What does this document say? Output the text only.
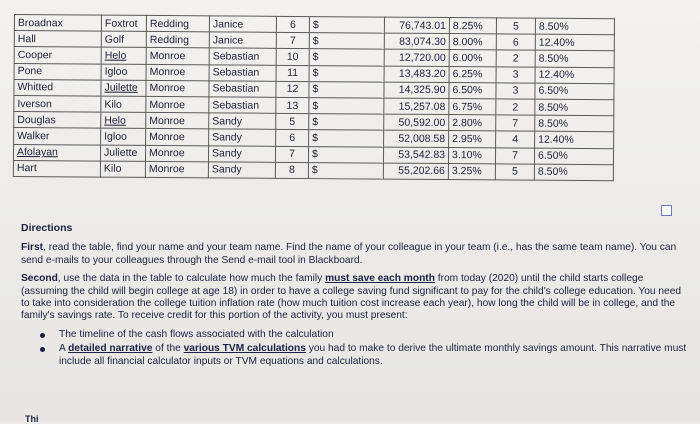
Broadnax	Foxtrot	Redding	Janice	6	$	76,743.01	8.25%	5	8.50%
Hall	Golf	Redding	Janice	7	$	83,074.30	8.00%	6	12.40%
Cooper	Helo	Monroe	Sebastian	10	$	12,720.00	6.00%	2	8.50%
Pone	Igloo	Monroe	Sebastian	11	$	13,483.20	6.25%	3	12.40%
Whitted	Juilette	Monroe	Sebastian	12	$	14,325.90	6.50%	3	6.50%
Iverson	Kilo	Monroe	Sebastian	13	$	15,257.08	6.75%	2	8.50%
Douglas	Helo	Monroe	Sandy	5	$	50,592.00	2.80%	7	8.50%
Walker	Igloo	Monroe	Sandy	6	$	52,008.58	2.95%	4	12.40%
Afolayan	Juliette	Monroe	Sandy	7	$	53,542.83	3.10%	7	6.50%
Hart	Kilo	Monroe	Sandy	8	$	55,202.66	3.25%	5	8.50%
Directions

First, read the table, find your name and your team name. Find the name of your colleague in your team (i.e., has the same team name). You can send e-mails to your colleagues through the Send e-mail tool in Blackboard.

Second, use the data in the table to calculate how much the family must save each month from today (2020) until the child starts college (assuming the child will begin college at age 18) in order to have a college saving fund significant to pay for the child's college education. You need to take into consideration the college tuition inflation rate (how much tuition cost increase each year), how long the child will be in college, and the family's savings rate. To receive credit for this portion of the activity, you must present:

The timeline of the cash flows associated with the calculation
A detailed narrative of the various TVM calculations you had to make to derive the ultimate monthly savings amount. This narrative must include all financial calculator inputs or TVM equations and calculations.
Thi
